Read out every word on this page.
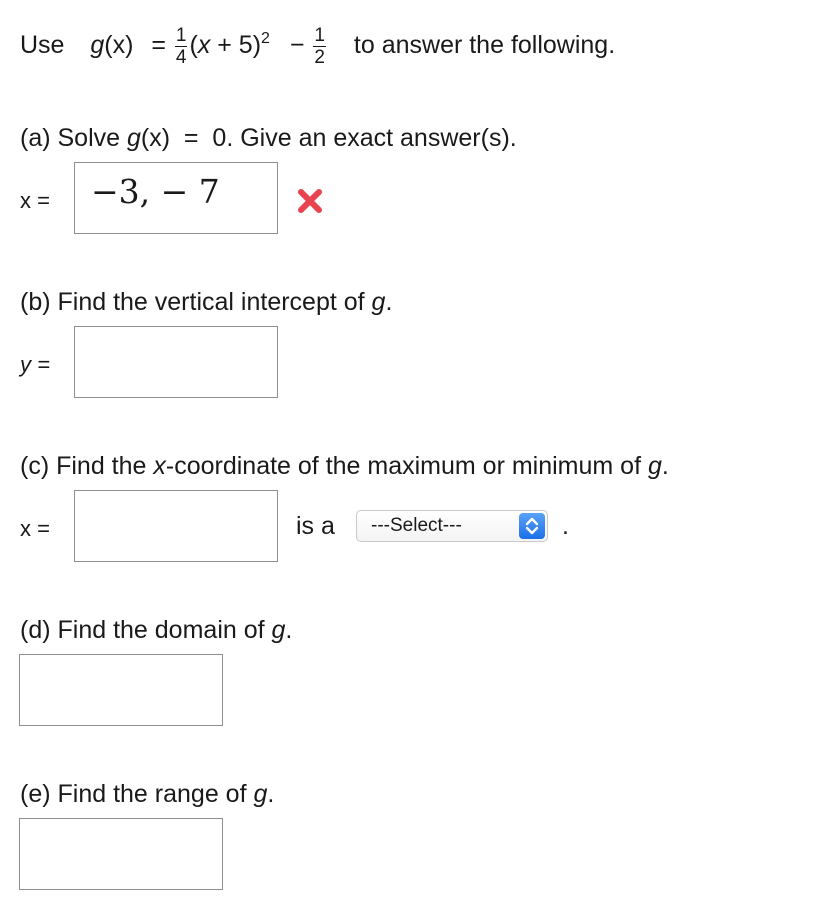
Use $g(x) = \frac{1}{4} (x + 5)^2 - \frac{1}{2}$ to answer the following.
(a) Solve g(x)  =  0. Give an exact answer(s).
x = −3, − 7
(b) Find the vertical intercept of g.
y =
(c) Find the x-coordinate of the maximum or minimum of g.
x =	is a	---Select---	.
(d) Find the domain of g.
(e) Find the range of g.
